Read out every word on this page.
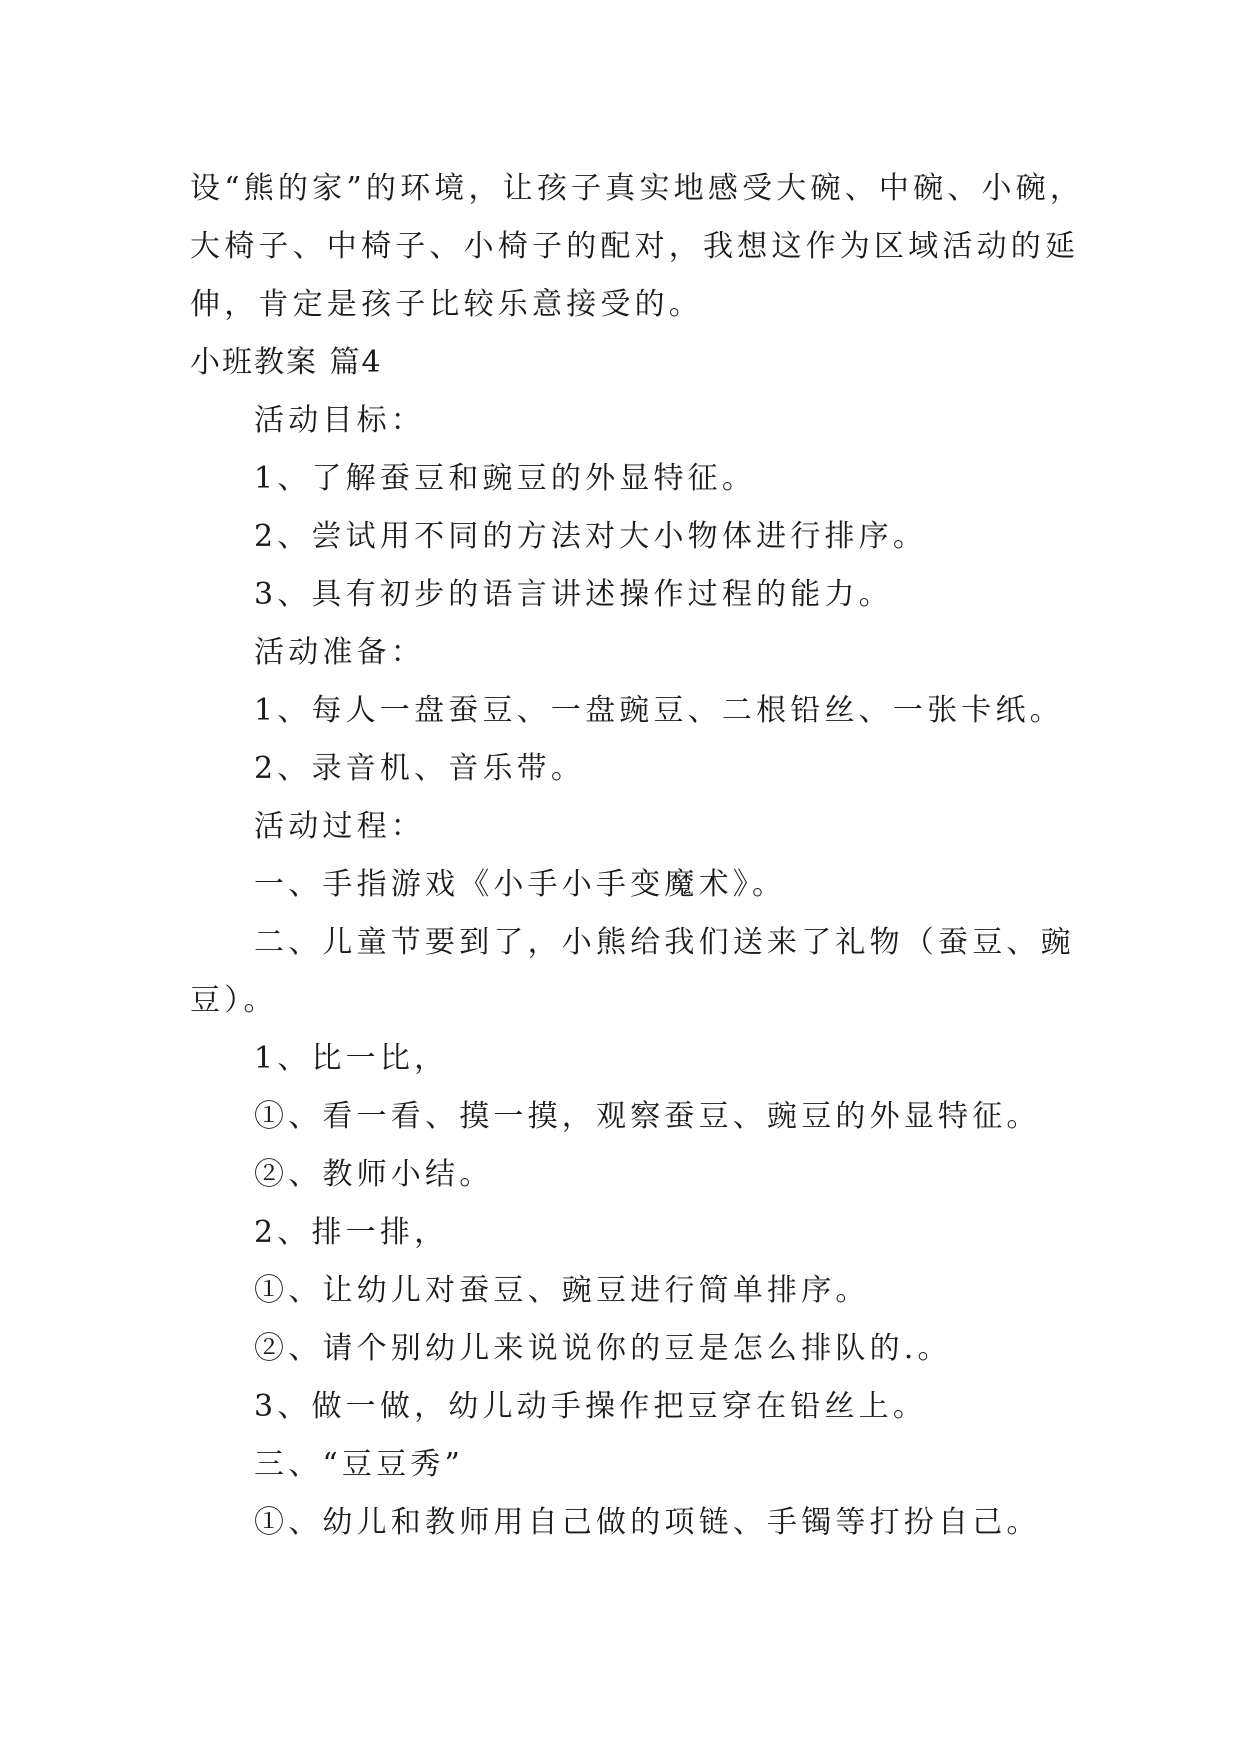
设“熊的家”的环境，让孩子真实地感受大碗、中碗、小碗，
大椅子、中椅子、小椅子的配对，我想这作为区域活动的延
伸，肯定是孩子比较乐意接受的。
小班教案 篇4
活动目标：
1、了解蚕豆和豌豆的外显特征。
2、尝试用不同的方法对大小物体进行排序。
3、具有初步的语言讲述操作过程的能力。
活动准备：
1、每人一盘蚕豆、一盘豌豆、二根铅丝、一张卡纸。
2、录音机、音乐带。
活动过程：
一、手指游戏《小手小手变魔术》。
二、儿童节要到了，小熊给我们送来了礼物（蚕豆、豌
豆）。
1、比一比，
①、看一看、摸一摸，观察蚕豆、豌豆的外显特征。
②、教师小结。
2、排一排，
①、让幼儿对蚕豆、豌豆进行简单排序。
②、请个别幼儿来说说你的豆是怎么排队的.。
3、做一做，幼儿动手操作把豆穿在铅丝上。
三、“豆豆秀”
①、幼儿和教师用自己做的项链、手镯等打扮自己。
